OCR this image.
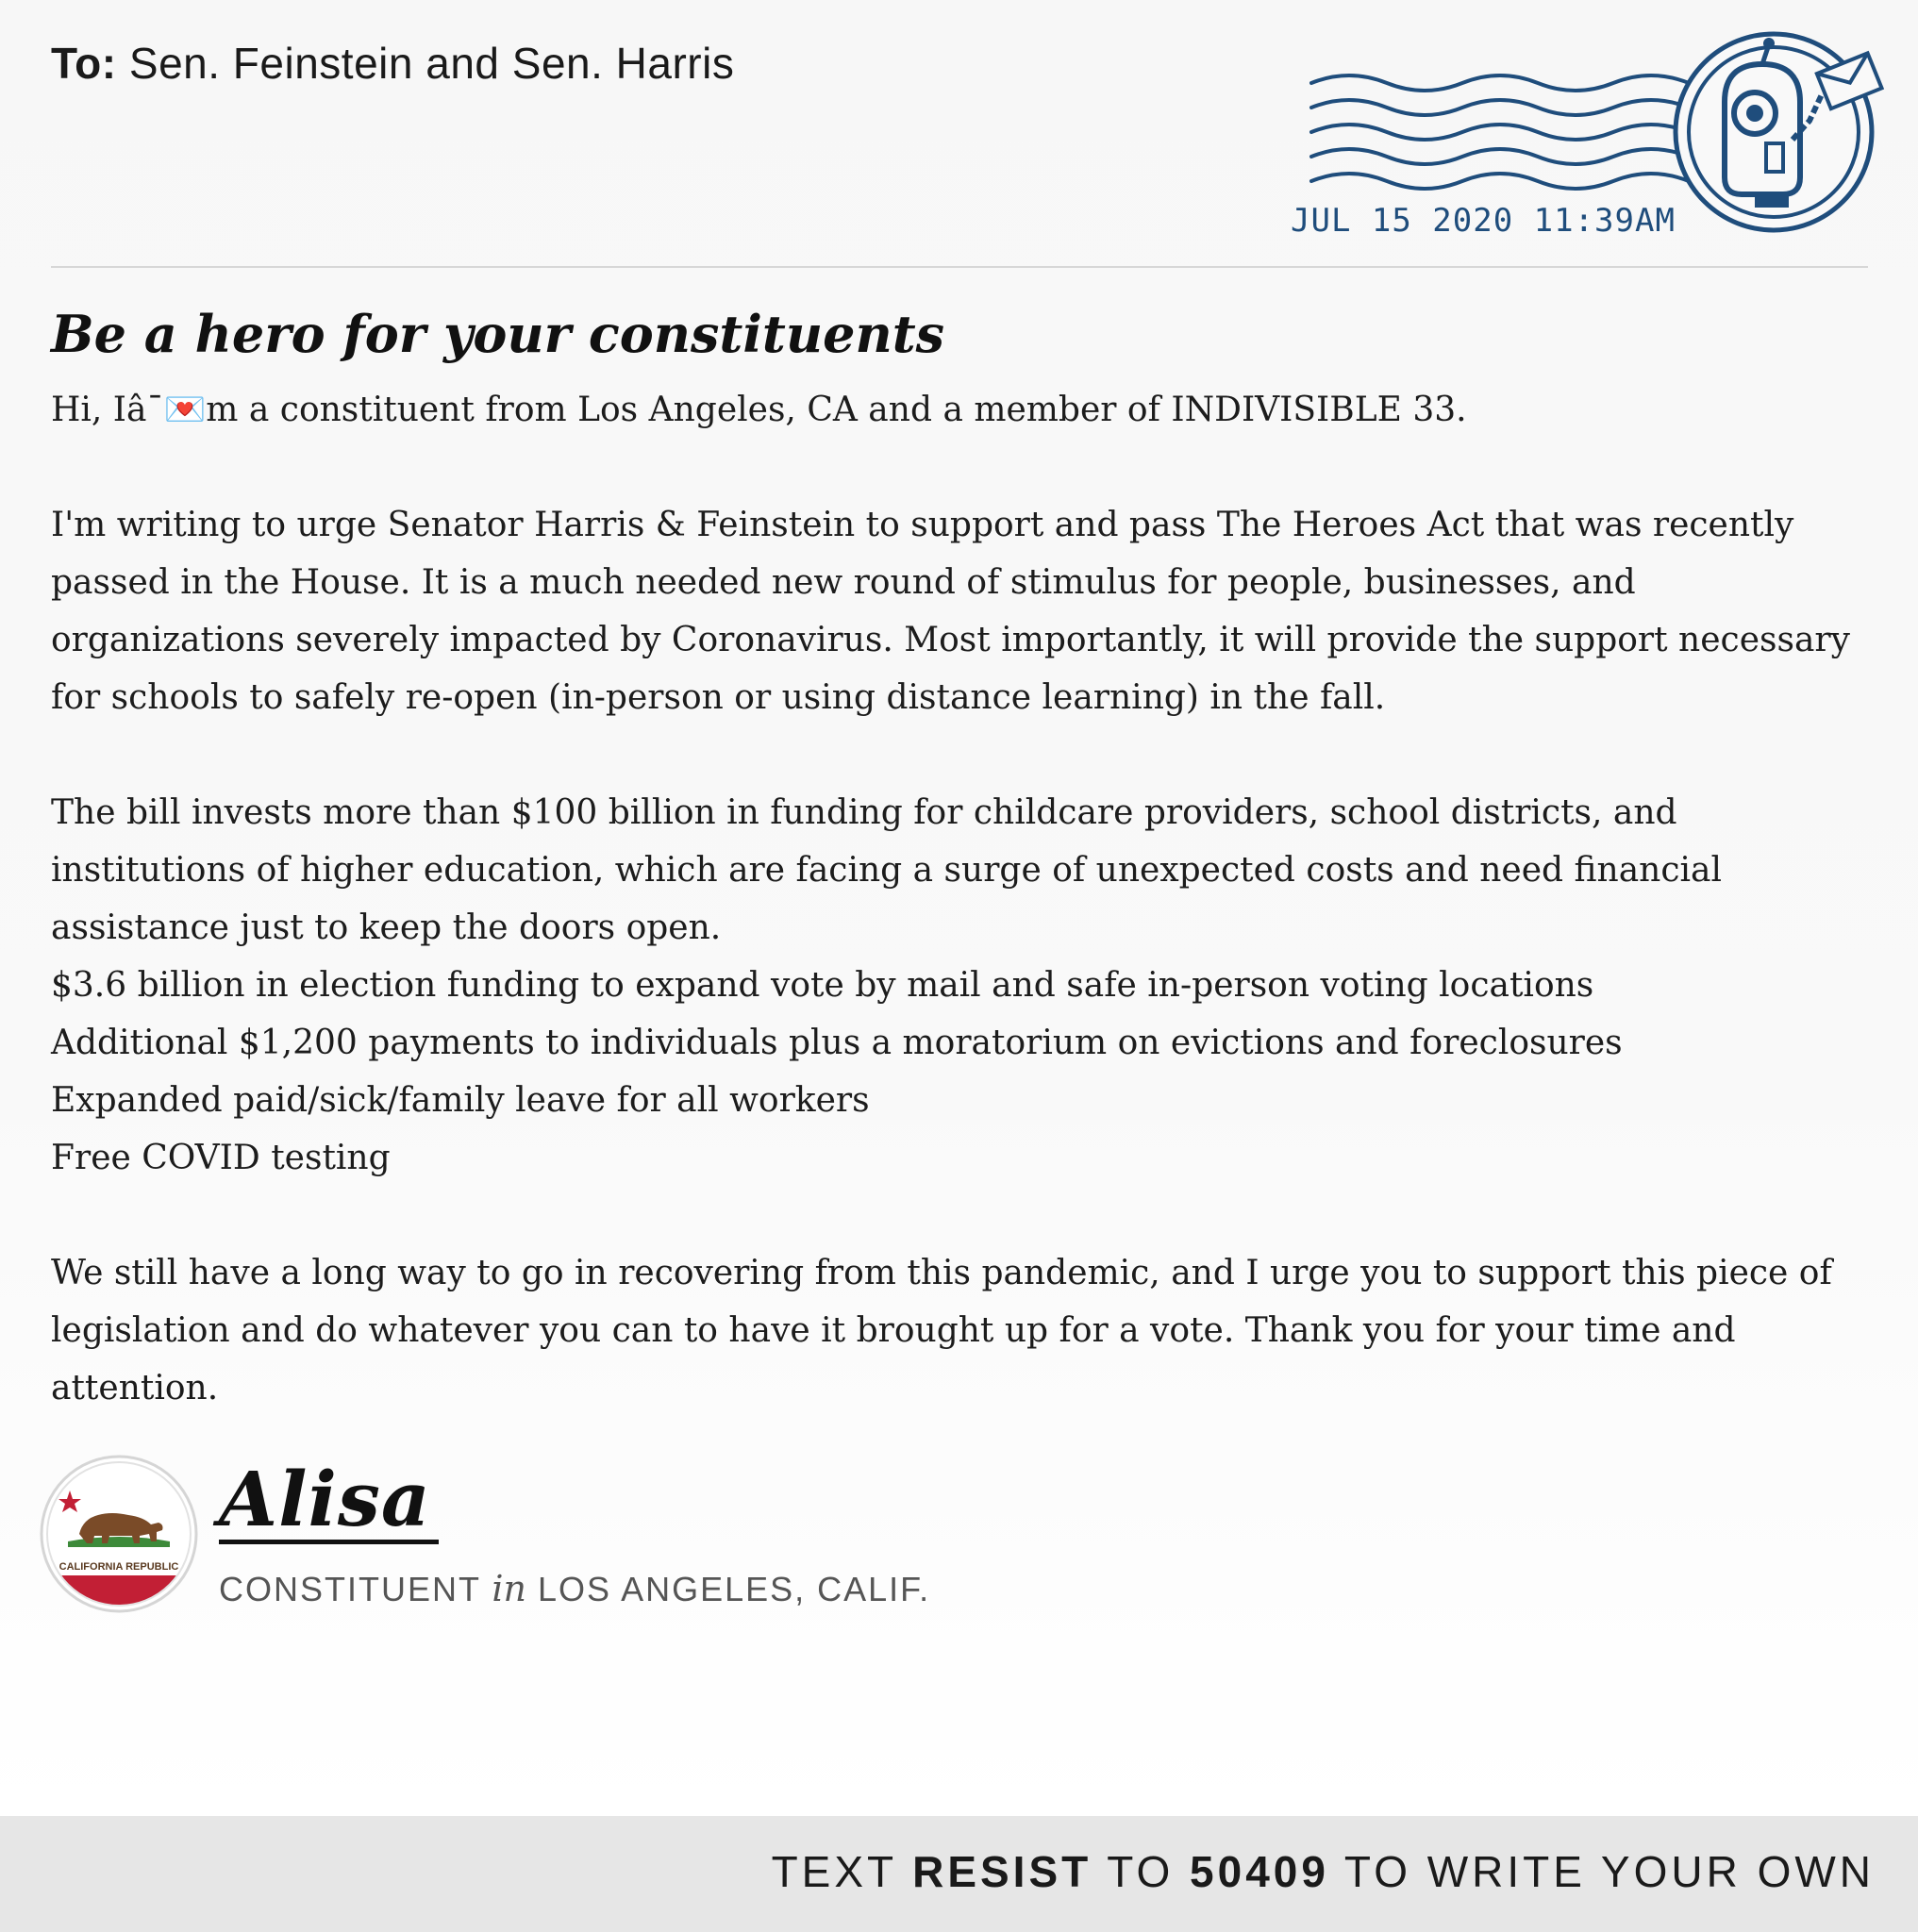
To: Sen. Feinstein and Sen. Harris
JUL 15 2020 11:39AM
Be a hero for your constituents

Hi, Iâ¯💌m a constituent from Los Angeles, CA and a member of INDIVISIBLE 33.

I'm writing to urge Senator Harris & Feinstein to support and pass The Heroes Act that was recently passed in the House. It is a much needed new round of stimulus for people, businesses, and organizations severely impacted by Coronavirus. Most importantly, it will provide the support necessary for schools to safely re-open (in-person or using distance learning) in the fall.

The bill invests more than $100 billion in funding for childcare providers, school districts, and institutions of higher education, which are facing a surge of unexpected costs and need financial assistance just to keep the doors open.

$3.6 billion in election funding to expand vote by mail and safe in-person voting locations

Additional $1,200 payments to individuals plus a moratorium on evictions and foreclosures

Expanded paid/sick/family leave for all workers

Free COVID testing

We still have a long way to go in recovering from this pandemic, and I urge you to support this piece of legislation and do whatever you can to have it brought up for a vote. Thank you for your time and attention.

CALIFORNIA REPUBLIC
Alisa
CONSTITUENT in LOS ANGELES, CALIF.
TEXT RESIST TO 50409 TO WRITE YOUR OWN
